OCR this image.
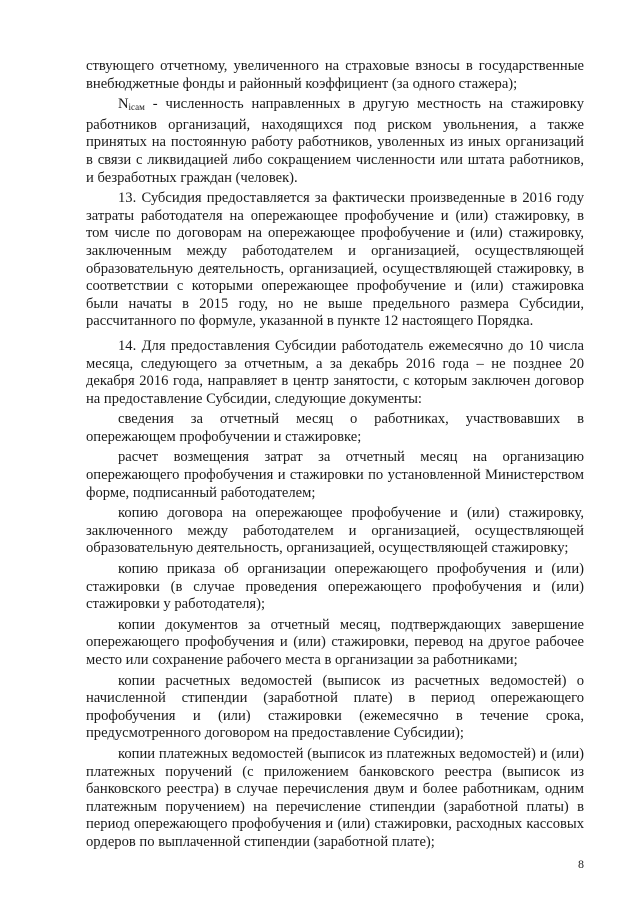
ствующего отчетному, увеличенного на страховые взносы в государственные внебюджетные фонды и районный коэффициент (за одного стажера);

$N_{iсам}$ - численность направленных в другую местность на стажировку работников организаций, находящихся под риском увольнения, а также принятых на постоянную работу работников, уволенных из иных организаций в связи с ликвидацией либо сокращением численности или штата работников, и безработных граждан (человек).

13. Субсидия предоставляется за фактически произведенные в 2016 году затраты работодателя на опережающее профобучение и (или) стажировку, в том числе по договорам на опережающее профобучение и (или) стажировку, заключенным между работодателем и организацией, осуществляющей образовательную деятельность, организацией, осуществляющей стажировку, в соответствии с которыми опережающее профобучение и (или) стажировка были начаты в 2015 году, но не выше предельного размера Субсидии, рассчитанного по формуле, указанной в пункте 12 настоящего Порядка.

14. Для предоставления Субсидии работодатель ежемесячно до 10 числа месяца, следующего за отчетным, а за декабрь 2016 года – не позднее 20 декабря 2016 года, направляет в центр занятости, с которым заключен договор на предоставление Субсидии, следующие документы:

сведения за отчетный месяц о работниках, участвовавших в опережающем профобучении и стажировке;

расчет возмещения затрат за отчетный месяц на организацию опережающего профобучения и стажировки по установленной Министерством форме, подписанный работодателем;

копию договора на опережающее профобучение и (или) стажировку, заключенного между работодателем и организацией, осуществляющей образовательную деятельность, организацией, осуществляющей стажировку;

копию приказа об организации опережающего профобучения и (или) стажировки (в случае проведения опережающего профобучения и (или) стажировки у работодателя);

копии документов за отчетный месяц, подтверждающих завершение опережающего профобучения и (или) стажировки, перевод на другое рабочее место или сохранение рабочего места в организации за работниками;

копии расчетных ведомостей (выписок из расчетных ведомостей) о начисленной стипендии (заработной плате) в период опережающего профобучения и (или) стажировки (ежемесячно в течение срока, предусмотренного договором на предоставление Субсидии);

копии платежных ведомостей (выписок из платежных ведомостей) и (или) платежных поручений (с приложением банковского реестра (выписок из банковского реестра) в случае перечисления двум и более работникам, одним платежным поручением) на перечисление стипендии (заработной платы) в период опережающего профобучения и (или) стажировки, расходных кассовых ордеров по выплаченной стипендии (заработной плате);

8
